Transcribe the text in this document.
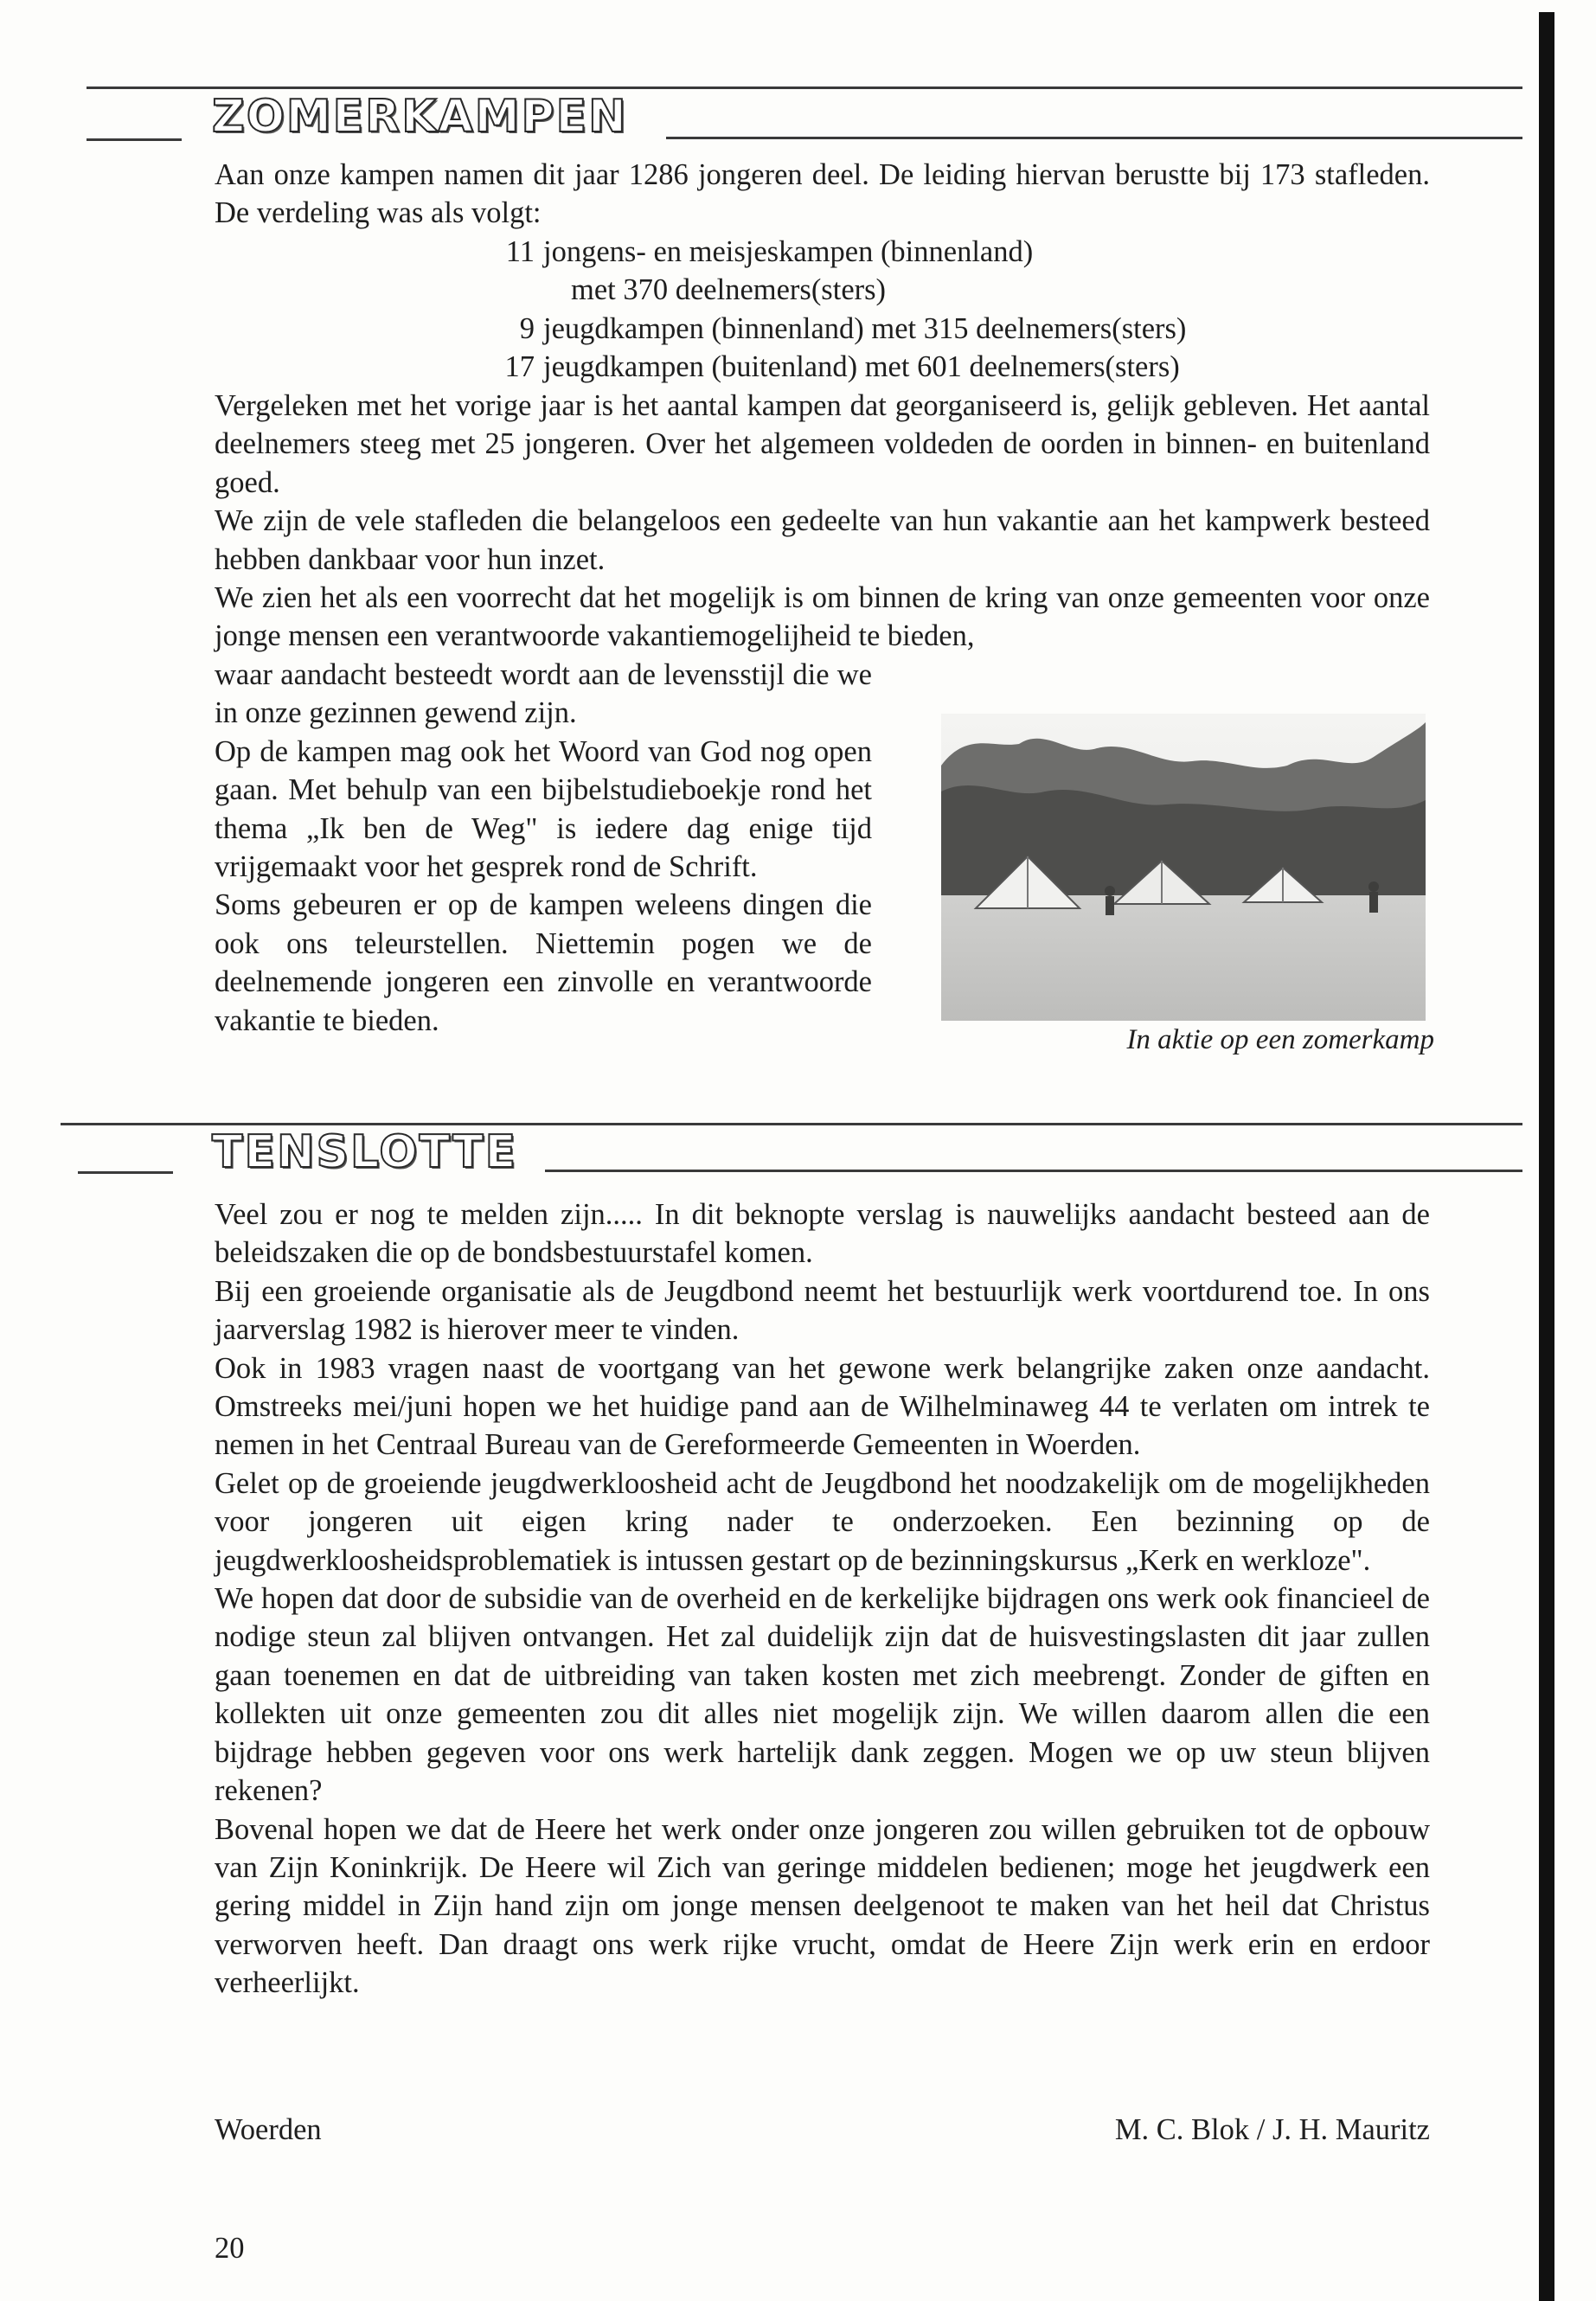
ZOMERKAMPEN

Aan onze kampen namen dit jaar 1286 jongeren deel. De leiding hiervan berustte bij 173 stafleden. De verdeling was als volgt:

11 jongens- en meisjeskampen (binnenland)
met 370 deelnemers(sters)
9 jeugdkampen (binnenland) met 315 deelnemers(sters)
17 jeugdkampen (buitenland) met 601 deelnemers(sters)

Vergeleken met het vorige jaar is het aantal kampen dat georganiseerd is, gelijk gebleven. Het aantal deelnemers steeg met 25 jongeren. Over het algemeen voldeden de oorden in binnen- en buitenland goed.

We zijn de vele stafleden die belangeloos een gedeelte van hun vakantie aan het kampwerk besteed hebben dankbaar voor hun inzet.

We zien het als een voorrecht dat het mogelijk is om binnen de kring van onze gemeenten voor onze jonge mensen een verantwoorde vakantiemogelijheid te bieden,

waar aandacht besteedt wordt aan de levensstijl die we in onze gezinnen gewend zijn.

Op de kampen mag ook het Woord van God nog open gaan. Met behulp van een bijbelstudieboekje rond het thema „Ik ben de Weg" is iedere dag enige tijd vrijgemaakt voor het gesprek rond de Schrift.

Soms gebeuren er op de kampen weleens dingen die ook ons teleurstellen. Niettemin pogen we de deelnemende jongeren een zinvolle en verantwoorde vakantie te bieden.

In aktie op een zomerkamp
TENSLOTTE

Veel zou er nog te melden zijn..... In dit beknopte verslag is nauwelijks aandacht besteed aan de beleidszaken die op de bondsbestuurstafel komen.

Bij een groeiende organisatie als de Jeugdbond neemt het bestuurlijk werk voortdurend toe. In ons jaarverslag 1982 is hierover meer te vinden.

Ook in 1983 vragen naast de voortgang van het gewone werk belangrijke zaken onze aandacht. Omstreeks mei/juni hopen we het huidige pand aan de Wilhelminaweg 44 te verlaten om intrek te nemen in het Centraal Bureau van de Gereformeerde Gemeenten in Woerden.

Gelet op de groeiende jeugdwerkloosheid acht de Jeugdbond het noodzakelijk om de mogelijkheden voor jongeren uit eigen kring nader te onderzoeken. Een bezinning op de jeugdwerkloosheidsproblematiek is intussen gestart op de bezinningskursus „Kerk en werkloze".

We hopen dat door de subsidie van de overheid en de kerkelijke bijdragen ons werk ook financieel de nodige steun zal blijven ontvangen. Het zal duidelijk zijn dat de huisvestingslasten dit jaar zullen gaan toenemen en dat de uitbreiding van taken kosten met zich meebrengt. Zonder de giften en kollekten uit onze gemeenten zou dit alles niet mogelijk zijn. We willen daarom allen die een bijdrage hebben gegeven voor ons werk hartelijk dank zeggen. Mogen we op uw steun blijven rekenen?

Bovenal hopen we dat de Heere het werk onder onze jongeren zou willen gebruiken tot de opbouw van Zijn Koninkrijk. De Heere wil Zich van geringe middelen bedienen; moge het jeugdwerk een gering middel in Zijn hand zijn om jonge mensen deelgenoot te maken van het heil dat Christus verworven heeft. Dan draagt ons werk rijke vrucht, omdat de Heere Zijn werk erin en erdoor verheerlijkt.

Woerden	M. C. Blok / J. H. Mauritz
20
